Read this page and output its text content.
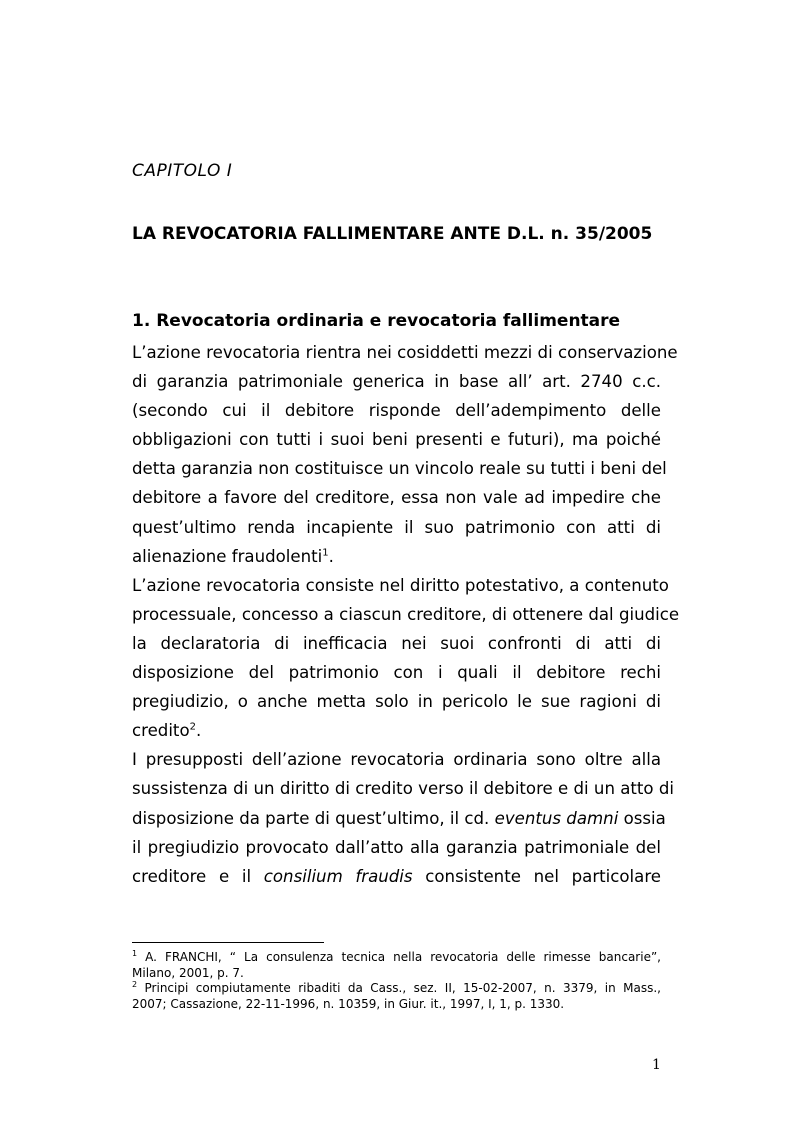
CAPITOLO I
LA REVOCATORIA FALLIMENTARE ANTE D.L. n. 35/2005
1. Revocatoria ordinaria e revocatoria fallimentare
L’azione revocatoria rientra nei cosiddetti mezzi di conservazione
di garanzia patrimoniale generica in base all’ art. 2740 c.c.
(secondo cui il debitore risponde dell’adempimento delle
obbligazioni con tutti i suoi beni presenti e futuri), ma poiché
detta garanzia non costituisce un vincolo reale su tutti i beni del
debitore a favore del creditore, essa non vale ad impedire che
quest’ultimo renda incapiente il suo patrimonio con atti di
alienazione fraudolenti$^1$.
L’azione revocatoria consiste nel diritto potestativo, a contenuto
processuale, concesso a ciascun creditore, di ottenere dal giudice
la declaratoria di inefficacia nei suoi confronti di atti di
disposizione del patrimonio con i quali il debitore rechi
pregiudizio, o anche metta solo in pericolo le sue ragioni di
credito$^2$.
I presupposti dell’azione revocatoria ordinaria sono oltre alla
sussistenza di un diritto di credito verso il debitore e di un atto di
disposizione da parte di quest’ultimo, il cd. eventus damni ossia
il pregiudizio provocato dall’atto alla garanzia patrimoniale del
creditore e il consilium fraudis consistente nel particolare
$^1$ A. FRANCHI, “ La consulenza tecnica nella revocatoria delle rimesse bancarie”,
Milano, 2001, p. 7.
$^2$ Principi compiutamente ribaditi da Cass., sez. II, 15-02-2007, n. 3379, in Mass.,
2007; Cassazione, 22-11-1996, n. 10359, in Giur. it., 1997, I, 1, p. 1330.
1
